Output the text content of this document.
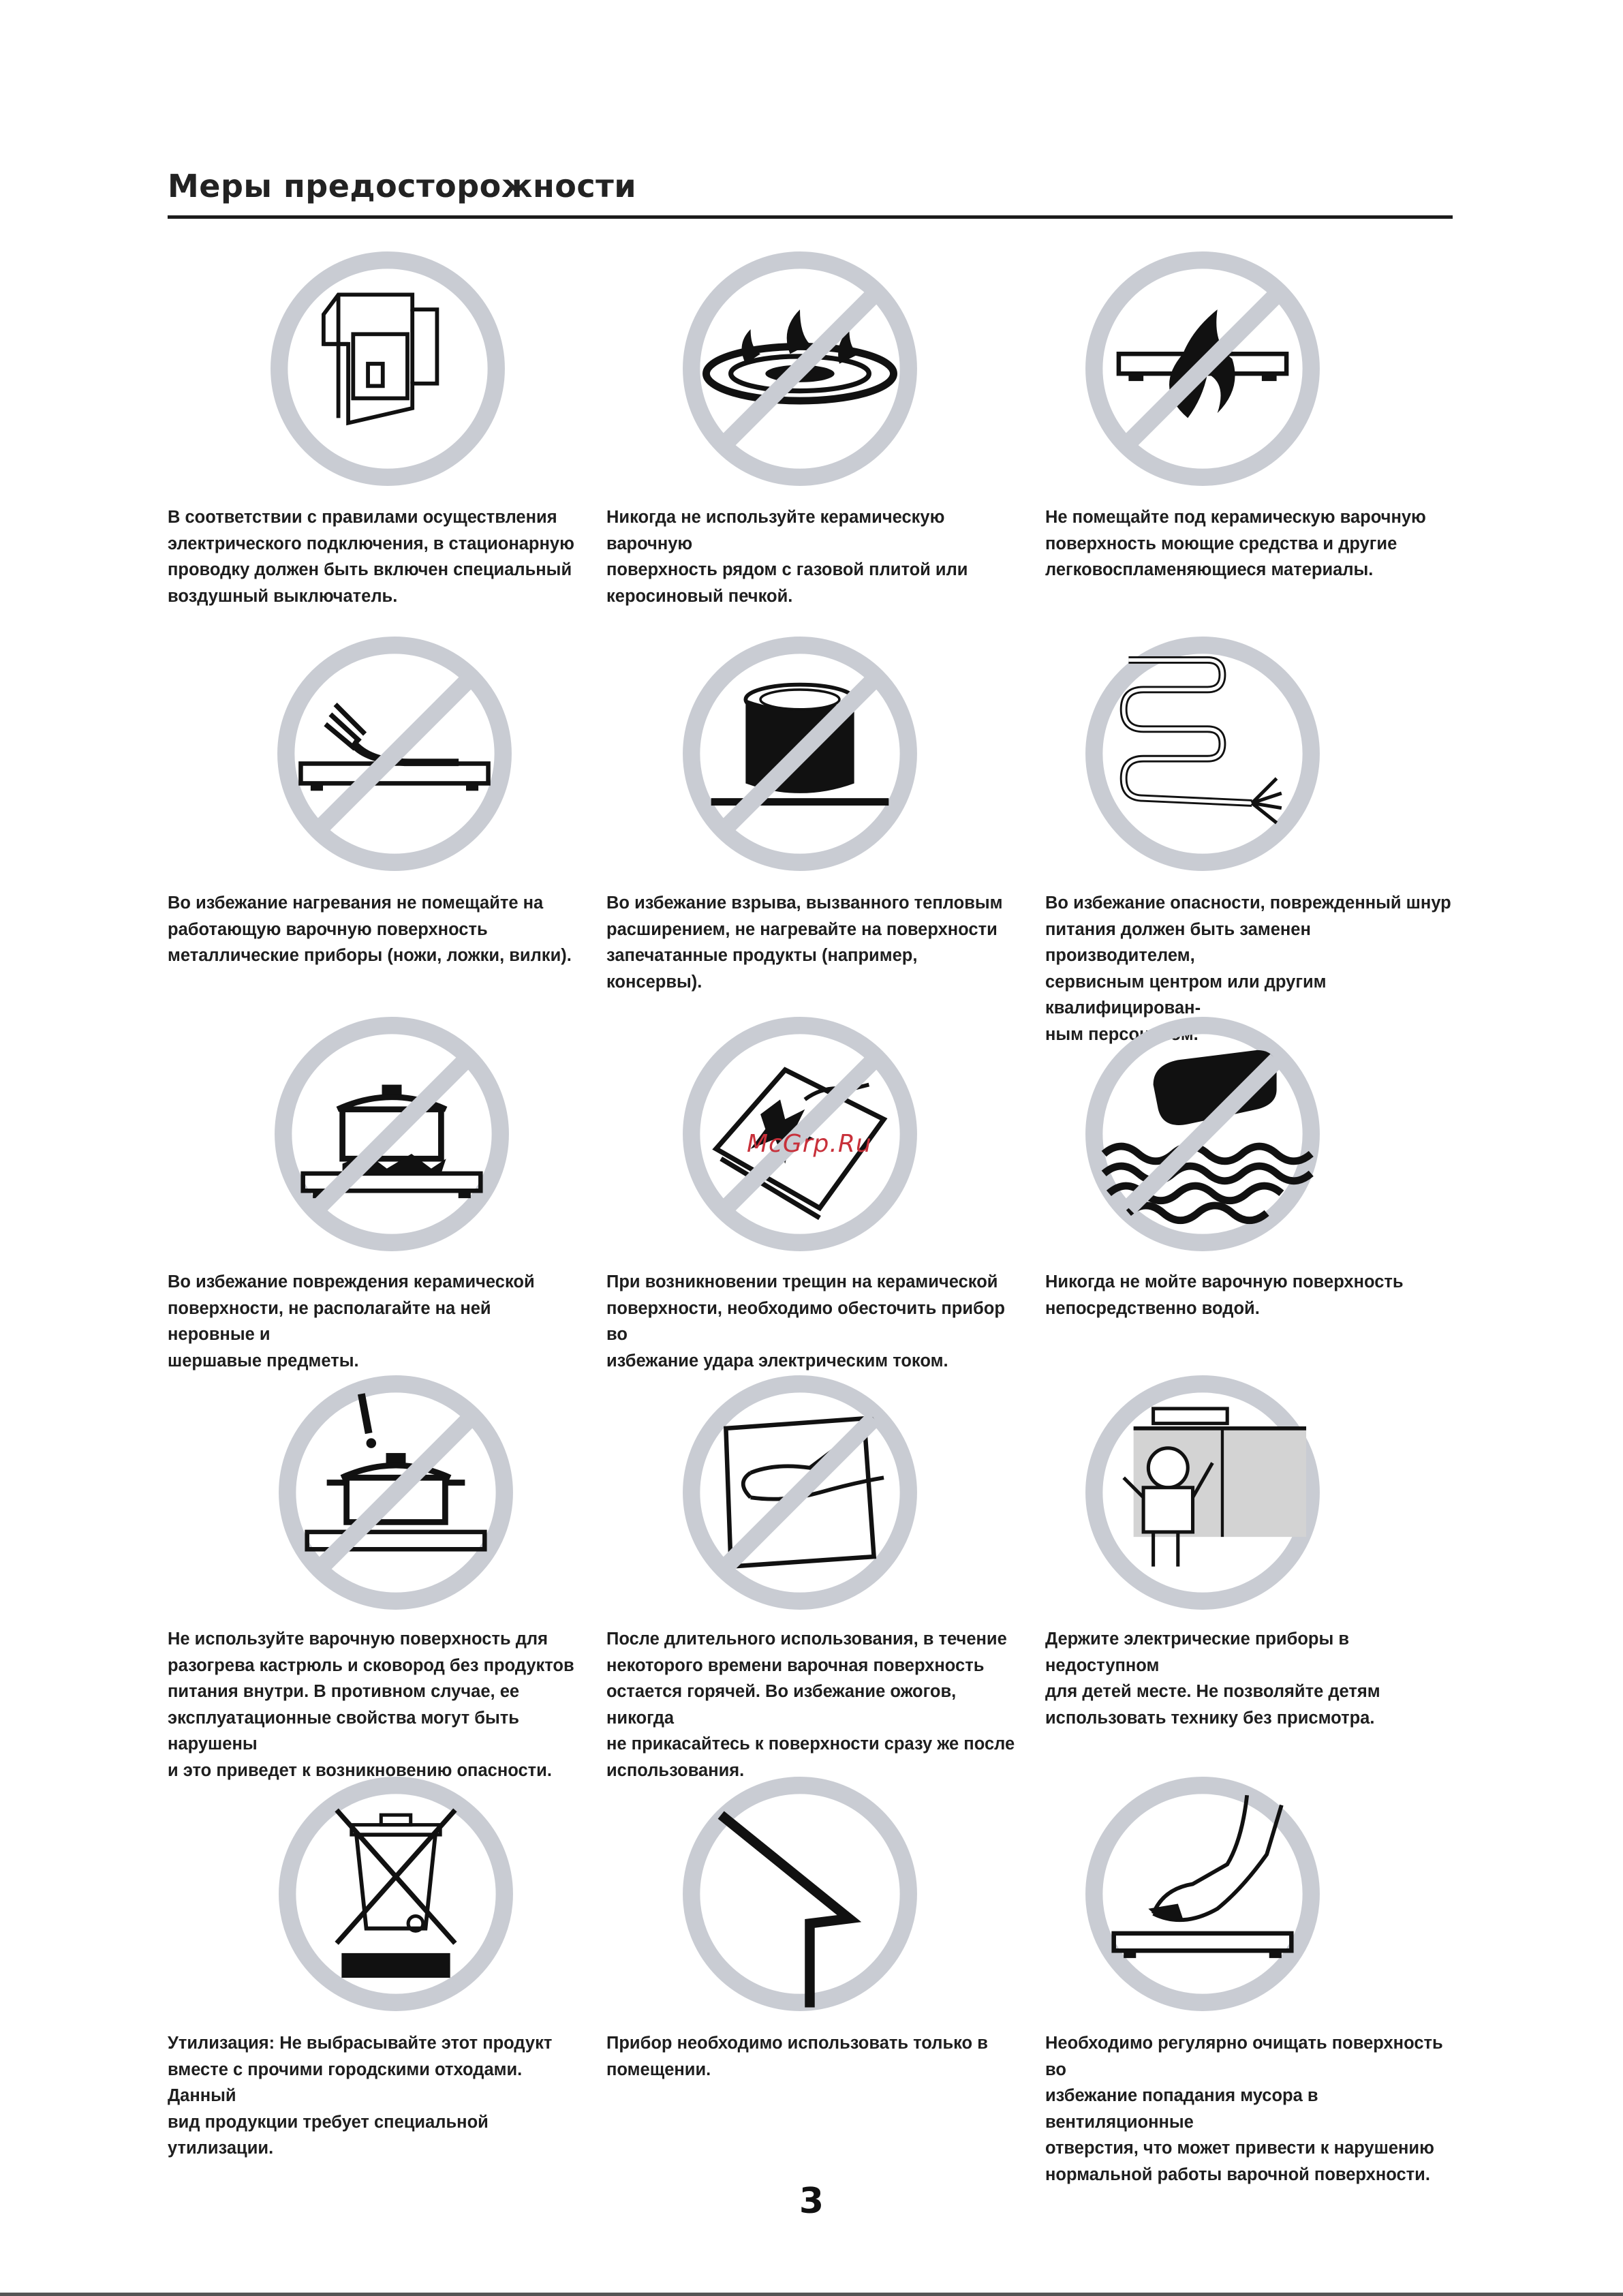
Меры предосторожности
В соответствии с правилами осуществления
электрического подключения, в стационарную
проводку должен быть включен специальный
воздушный выключатель.
Никогда не используйте керамическую варочную
поверхность рядом с газовой плитой или
керосиновый печкой.
Не помещайте под керамическую варочную
поверхность моющие средства и другие
легковоспламеняющиеся материалы.
Во избежание нагревания не помещайте на
работающую варочную поверхность
металлические приборы (ножи, ложки, вилки).
Во избежание взрыва, вызванного тепловым
расширением, не нагревайте на поверхности
запечатанные продукты (например, консервы).
Во избежание опасности, поврежденный шнур
питания должен быть заменен производителем,
сервисным центром или другим квалифицирован-
ным персоналом.
Во избежание повреждения керамической
поверхности, не располагайте на ней неровные и
шершавые предметы.
При возникновении трещин на керамической
поверхности, необходимо обесточить прибор во
избежание удара электрическим током.
Никогда не мойте варочную поверхность
непосредственно водой.
Не используйте варочную поверхность для
разогрева кастрюль и сковород без продуктов
питания внутри. В противном случае, ее
эксплуатационные свойства могут быть нарушены
и это приведет к возникновению опасности.
После длительного использования, в течение
некоторого времени варочная поверхность
остается горячей. Во избежание ожогов, никогда
не прикасайтесь к поверхности сразу же после
использования.
Держите электрические приборы в недоступном
для детей месте. Не позволяйте детям
использовать технику без присмотра.
Утилизация: Не выбрасывайте этот продукт
вместе с прочими городскими отходами. Данный
вид продукции требует специальной утилизации.
Прибор необходимо использовать только в
помещении.
Необходимо регулярно очищать поверхность во
избежание попадания мусора в вентиляционные
отверстия, что может привести к нарушению
нормальной работы варочной поверхности.
McGrp.Ru
3
